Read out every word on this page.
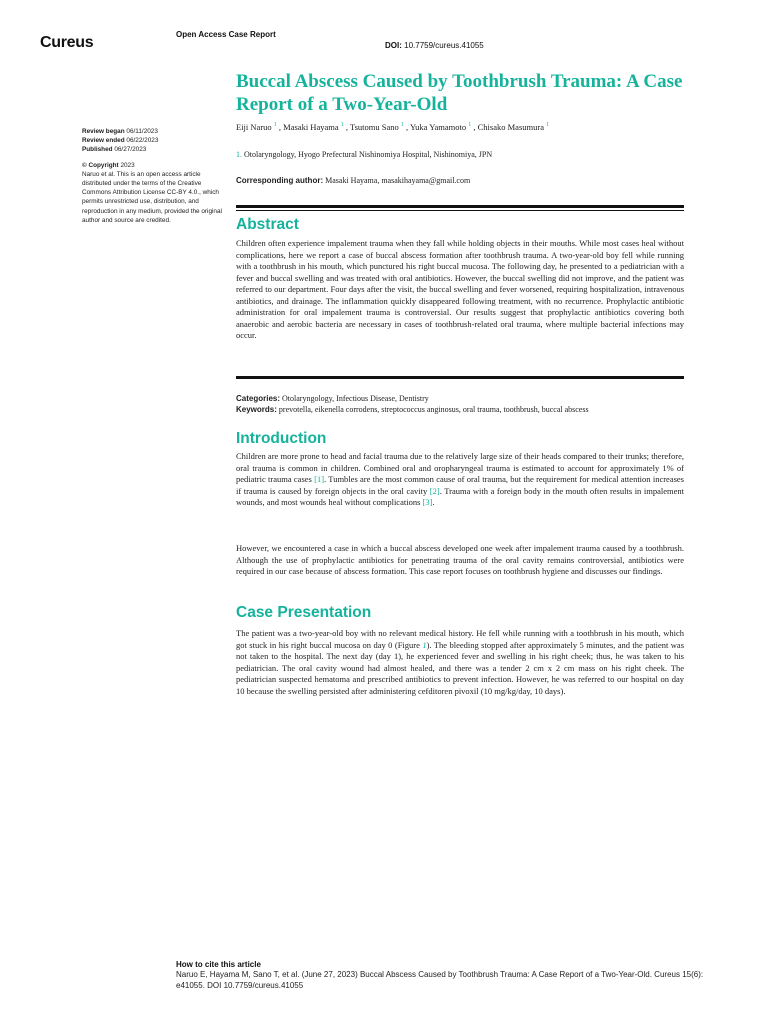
Cureus	Open Access Case Report
DOI: 10.7759/cureus.41055
Buccal Abscess Caused by Toothbrush Trauma: A Case Report of a Two-Year-Old
Eiji Naruo $^1$ , Masaki Hayama $^1$ , Tsutomu Sano $^1$ , Yuka Yamamoto $^1$ , Chisako Masumura $^1$
1. Otolaryngology, Hyogo Prefectural Nishinomiya Hospital, Nishinomiya, JPN
Corresponding author: Masaki Hayama, masakihayama@gmail.com
Review began 06/11/2023
Review ended 06/22/2023
Published 06/27/2023
© Copyright 2023
Naruo et al. This is an open access article distributed under the terms of the Creative Commons Attribution License CC-BY 4.0., which permits unrestricted use, distribution, and reproduction in any medium, provided the original author and source are credited.	Abstract
Children often experience impalement trauma when they fall while holding objects in their mouths. While most cases heal without complications, here we report a case of buccal abscess formation after toothbrush trauma. A two-year-old boy fell while running with a toothbrush in his mouth, which punctured his right buccal mucosa. The following day, he presented to a pediatrician with a fever and buccal swelling and was treated with oral antibiotics. However, the buccal swelling did not improve, and the patient was referred to our department. Four days after the visit, the buccal swelling and fever worsened, requiring hospitalization, intravenous antibiotics, and drainage. The inflammation quickly disappeared following treatment, with no recurrence. Prophylactic antibiotic administration for oral impalement trauma is controversial. Our results suggest that prophylactic antibiotics covering both anaerobic and aerobic bacteria are necessary in cases of toothbrush-related oral trauma, where multiple bacterial infections may occur.
Categories: Otolaryngology, Infectious Disease, Dentistry
Keywords: prevotella, eikenella corrodens, streptococcus anginosus, oral trauma, toothbrush, buccal abscess
Introduction
Children are more prone to head and facial trauma due to the relatively large size of their heads compared to their trunks; therefore, oral trauma is common in children. Combined oral and oropharyngeal trauma is estimated to account for approximately 1% of pediatric trauma cases [1]. Tumbles are the most common cause of oral trauma, but the requirement for medical attention increases if trauma is caused by foreign objects in the oral cavity [2]. Trauma with a foreign body in the mouth often results in impalement wounds, and most wounds heal without complications [3].
However, we encountered a case in which a buccal abscess developed one week after impalement trauma caused by a toothbrush. Although the use of prophylactic antibiotics for penetrating trauma of the oral cavity remains controversial, antibiotics were required in our case because of abscess formation. This case report focuses on toothbrush hygiene and discusses our findings.
Case Presentation
The patient was a two-year-old boy with no relevant medical history. He fell while running with a toothbrush in his mouth, which got stuck in his right buccal mucosa on day 0 (Figure 1). The bleeding stopped after approximately 5 minutes, and the patient was not taken to the hospital. The next day (day 1), he experienced fever and swelling in his right cheek; thus, he was taken to his pediatrician. The oral cavity wound had almost healed, and there was a tender 2 cm x 2 cm mass on his right cheek. The pediatrician suspected hematoma and prescribed antibiotics to prevent infection. However, he was referred to our hospital on day 10 because the swelling persisted after administering cefditoren pivoxil (10 mg/kg/day, 10 days).
How to cite this article
Naruo E, Hayama M, Sano T, et al. (June 27, 2023) Buccal Abscess Caused by Toothbrush Trauma: A Case Report of a Two-Year-Old. Cureus 15(6): e41055. DOI 10.7759/cureus.41055
